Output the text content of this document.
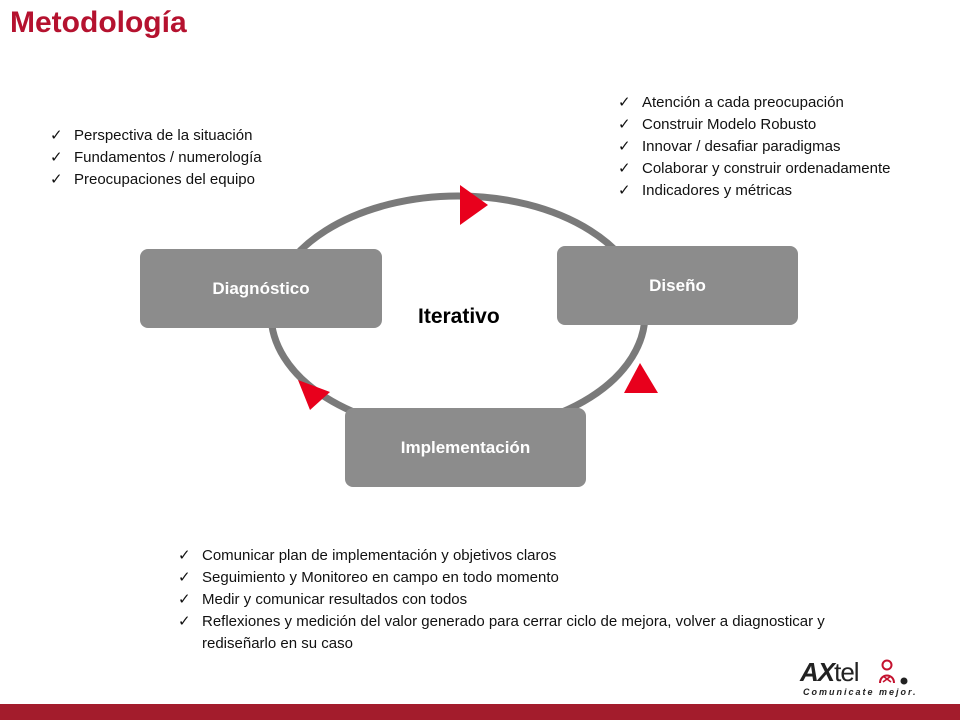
Metodología
Diagnóstico	Diseño
Implementación
Iterativo
✓ Perspectiva de la situación
✓ Fundamentos / numerología
✓ Preocupaciones del equipo
✓ Atención a cada preocupación
✓ Construir Modelo Robusto
✓ Innovar / desafiar paradigmas
✓ Colaborar y construir ordenadamente
✓ Indicadores y métricas
✓ Comunicar plan de implementación y objetivos claros
✓ Seguimiento y Monitoreo en campo en todo momento
✓ Medir y comunicar resultados con todos
✓ Reflexiones y medición del valor generado para cerrar ciclo de mejora, volver a diagnosticar y rediseñarlo en su caso
AXtel
Comunicate mejor.
